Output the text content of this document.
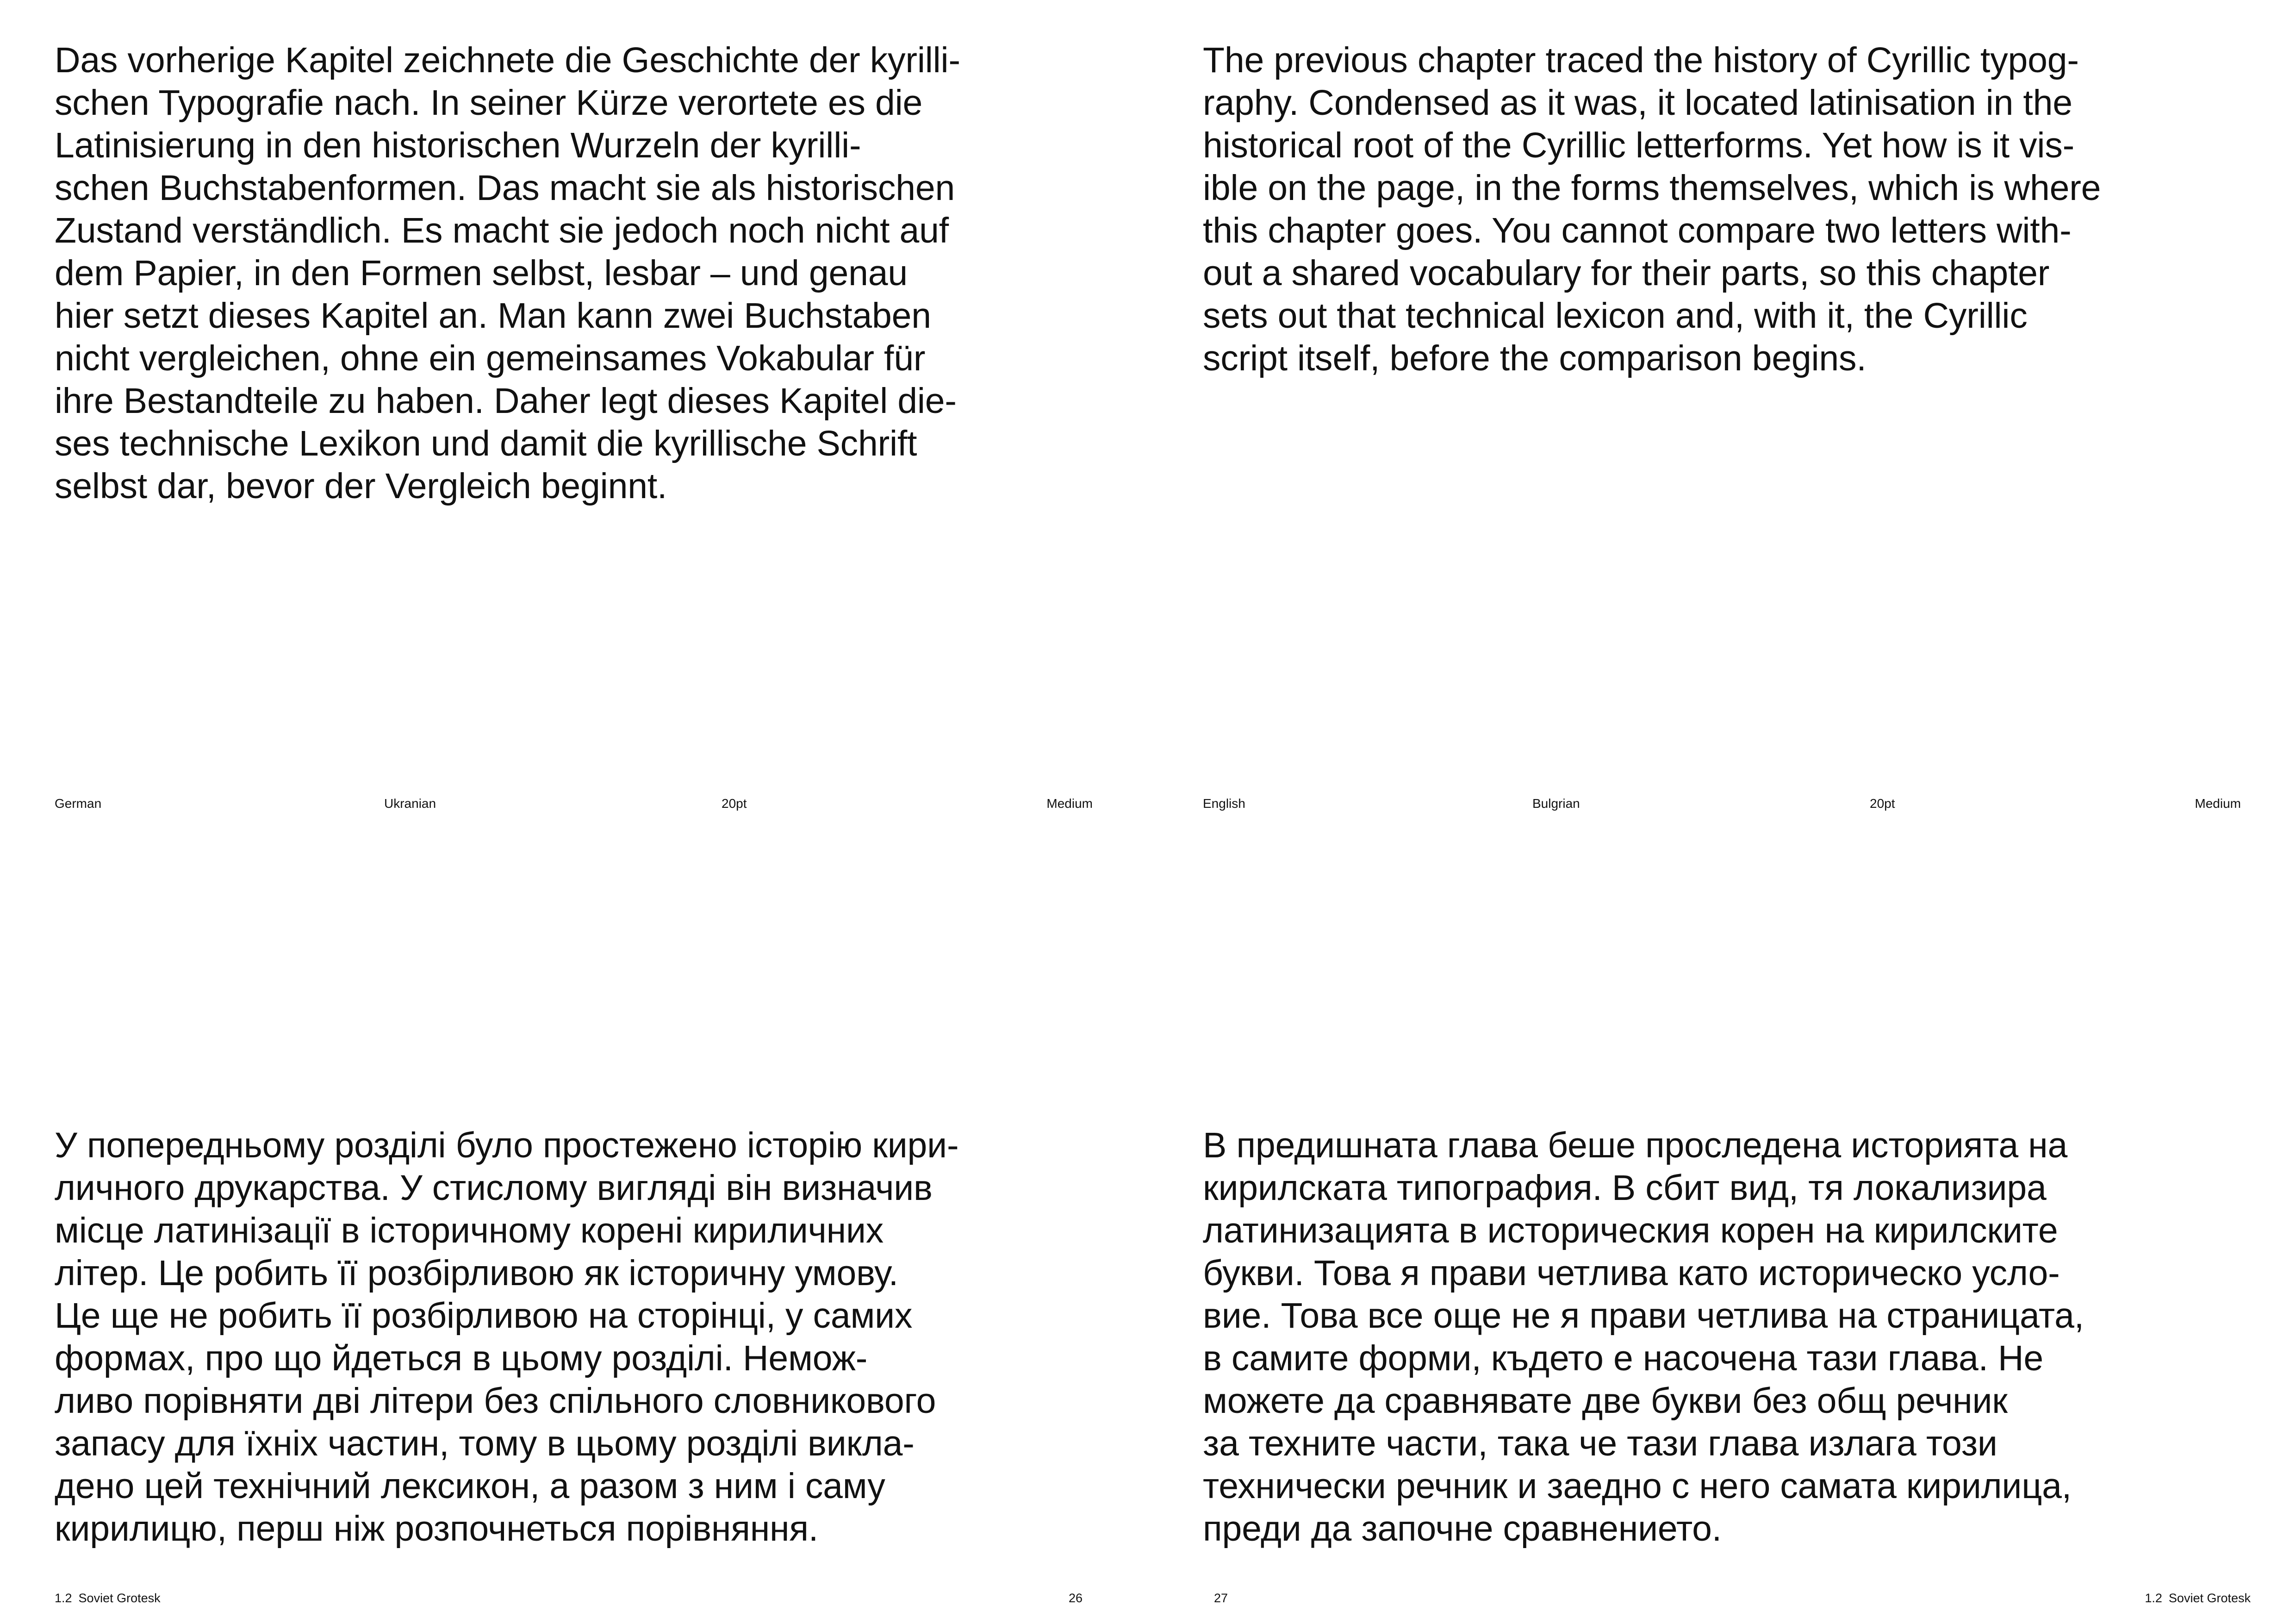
Das vorherige Kapitel zeichnete die Geschichte der kyrilli-
schen Typografie nach. In seiner Kürze verortete es die
Latinisierung in den historischen Wurzeln der kyrilli-
schen Buchstabenformen. Das macht sie als historischen
Zustand verständlich. Es macht sie jedoch noch nicht auf
dem Papier, in den Formen selbst, lesbar – und genau
hier setzt dieses Kapitel an. Man kann zwei Buchstaben
nicht vergleichen, ohne ein gemeinsames Vokabular für
ihre Bestandteile zu haben. Daher legt dieses Kapitel die-
ses technische Lexikon und damit die kyrillische Schrift
selbst dar, bevor der Vergleich beginnt.

German	Ukranian	20pt	Medium

У попередньому розділі було простежено історію кири-
личного друкарства. У стислому вигляді він визначив
місце латинізації в історичному корені кириличних
літер. Це робить її розбірливою як історичну умову.
Це ще не робить її розбірливою на сторінці, у самих
формах, про що йдеться в цьому розділі. Немож-
ливо порівняти дві літери без спільного словникового
запасу для їхніх частин, тому в цьому розділі викла-
дено цей технічний лексикон, а разом з ним і саму
кирилицю, перш ніж розпочнеться порівняння.

1.2 Soviet Grotesk	26

The previous chapter traced the history of Cyrillic typog-
raphy. Condensed as it was, it located latinisation in the
historical root of the Cyrillic letterforms. Yet how is it vis-
ible on the page, in the forms themselves, which is where
this chapter goes. You cannot compare two letters with-
out a shared vocabulary for their parts, so this chapter
sets out that technical lexicon and, with it, the Cyrillic
script itself, before the comparison begins.

English	Bulgrian	20pt	Medium

В предишната глава беше проследена историята на
кирилската типография. В сбит вид, тя локализира
латинизацията в историческия корен на кирилските
букви. Това я прави четлива като историческо усло-
вие. Това все още не я прави четлива на страницата,
в самите форми, където е насочена тази глава. Не
можете да сравнявате две букви без общ речник
за техните части, така че тази глава излага този
технически речник и заедно с него самата кирилица,
преди да започне сравнението.

27	1.2 Soviet Grotesk
